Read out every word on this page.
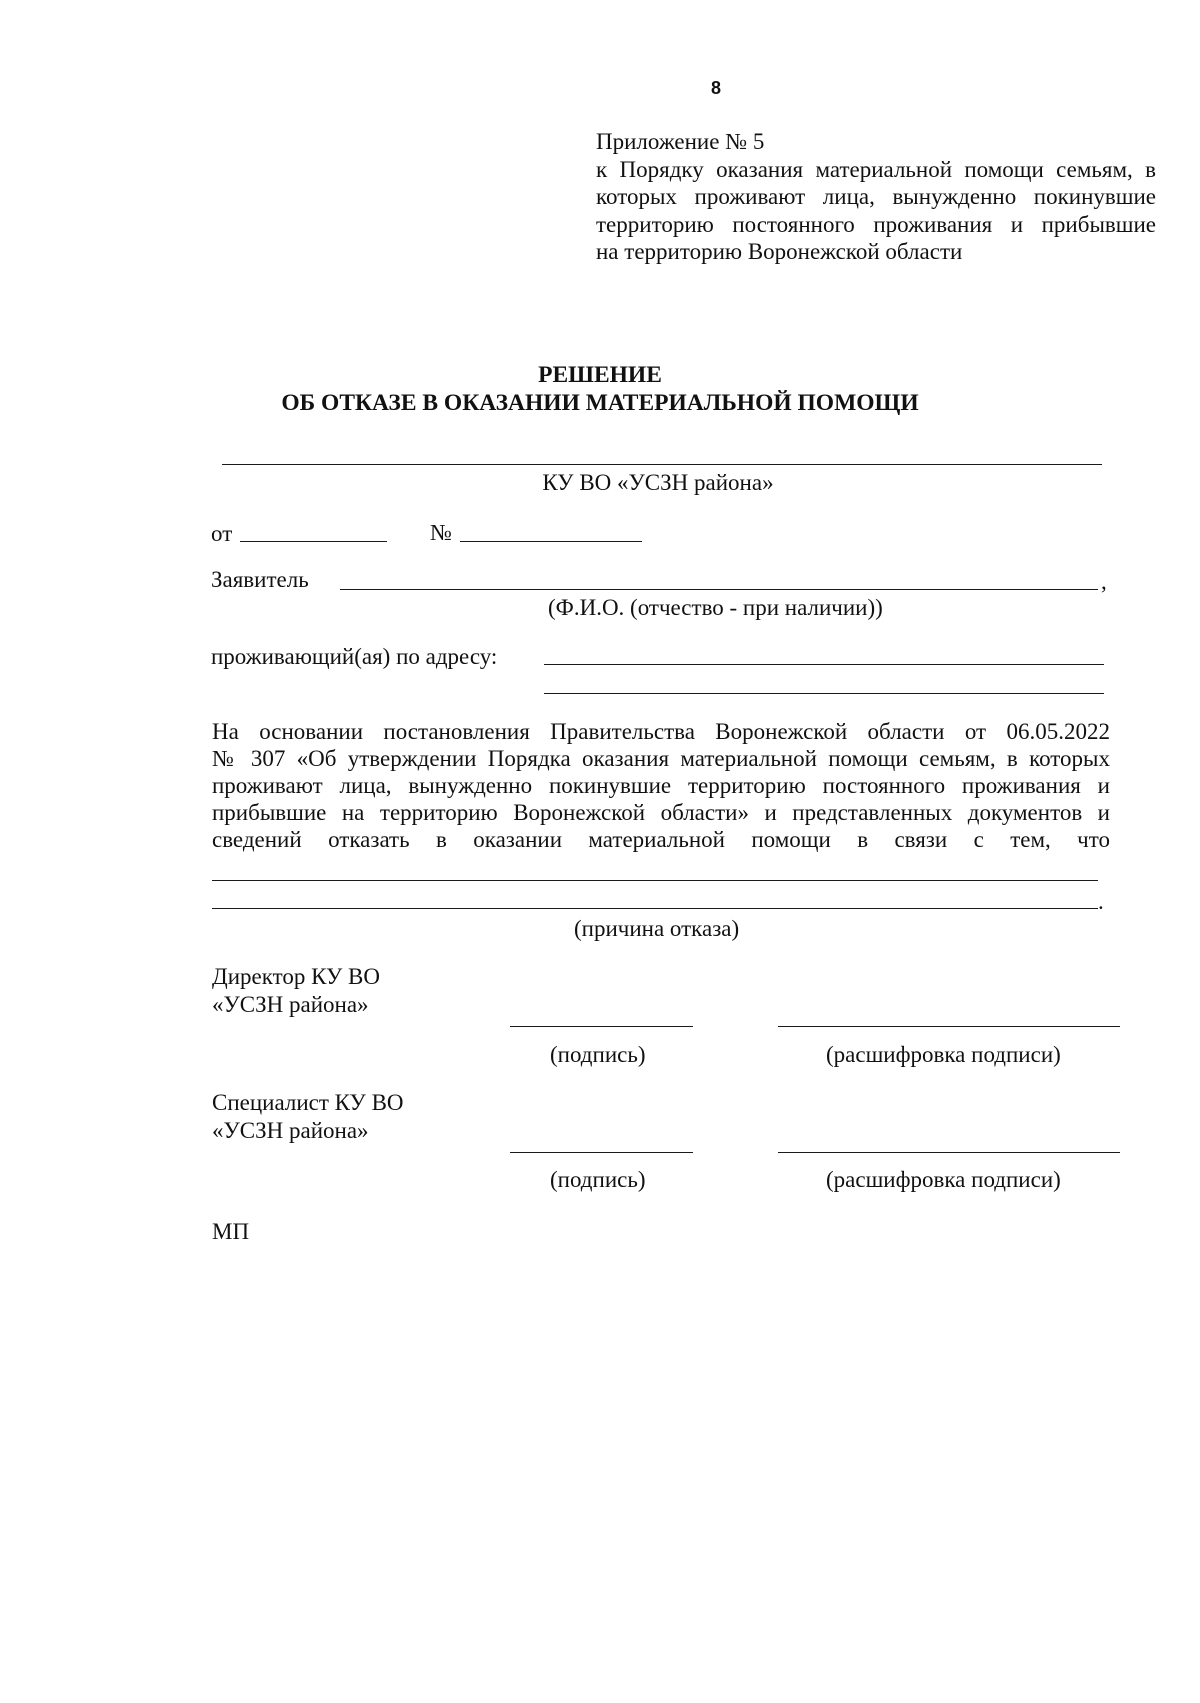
8
Приложение № 5
к Порядку оказания материальной помощи семьям, в
которых проживают лица, вынужденно покинувшие
территорию постоянного проживания и прибывшие
на территорию Воронежской области
РЕШЕНИЕ
ОБ ОТКАЗЕ В ОКАЗАНИИ МАТЕРИАЛЬНОЙ ПОМОЩИ
КУ ВО «УСЗН района»
от	№
Заявитель	,
(Ф.И.О. (отчество - при наличии))
проживающий(ая) по адресу:
На основании постановления Правительства Воронежской области от 06.05.2022
№ 307 «Об утверждении Порядка оказания материальной помощи семьям, в которых
проживают лица, вынужденно покинувшие территорию постоянного проживания и
прибывшие на территорию Воронежской области» и представленных документов и
сведений отказать в оказании материальной помощи в связи с тем, что
.
(причина отказа)
Директор КУ ВО
«УСЗН района»
(подпись)	(расшифровка подписи)
Специалист КУ ВО
«УСЗН района»
(подпись)	(расшифровка подписи)
МП
